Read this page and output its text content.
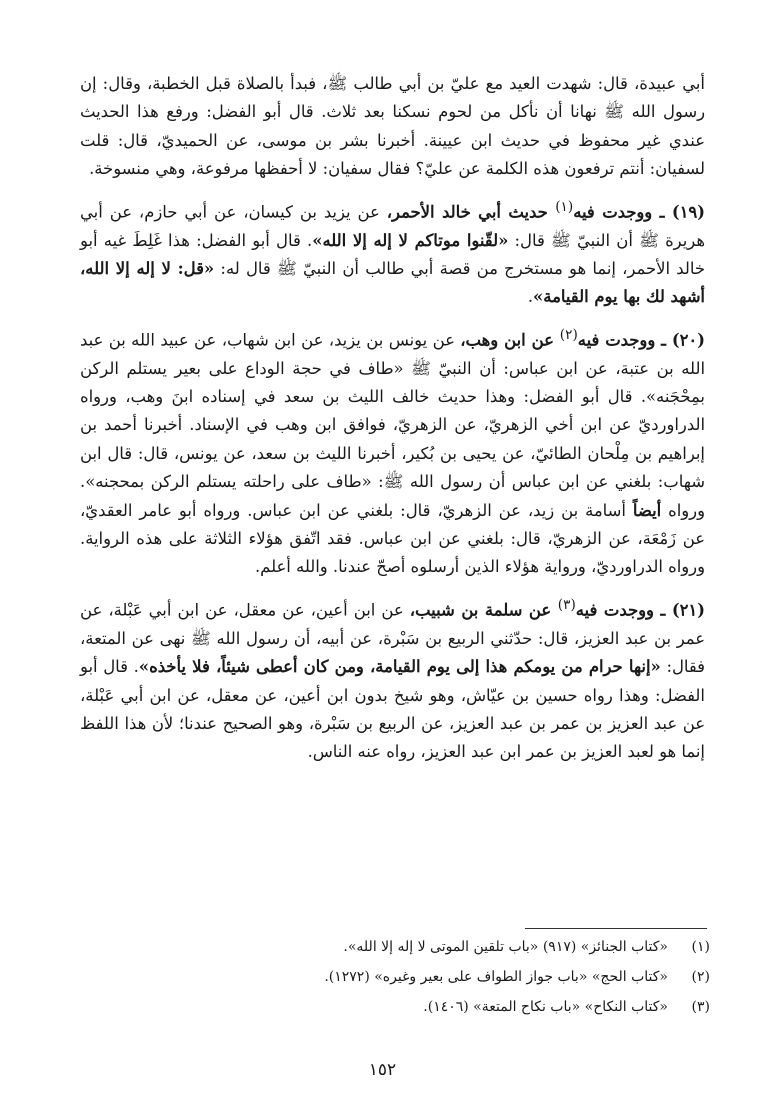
أبي عبيدة، قال: شهدت العيد مع عليّ بن أبي طالب ﷺ، فبدأ بالصلاة قبل الخطبة، وقال: إن رسول الله ﷺ نهانا أن نأكل من لحوم نسكنا بعد ثلاث. قال أبو الفضل: ورفع هذا الحديث عندي غير محفوظ في حديث ابن عيينة. أخبرنا بشر بن موسى، عن الحميديّ، قال: قلت لسفيان: أنتم ترفعون هذه الكلمة عن عليّ؟ فقال سفيان: لا أحفظها مرفوعة، وهي منسوخة.

(١٩) ـ ووجدت فيه$^{(١)}$ حديث أبي خالد الأحمر، عن يزيد بن كيسان، عن أبي حازم، عن أبي هريرة ﷺ أن النبيّ ﷺ قال: «لقّنوا موتاكم لا إله إلا الله». قال أبو الفضل: هذا غَلِطَ غيه أبو خالد الأحمر، إنما هو مستخرج من قصة أبي طالب أن النبيّ ﷺ قال له: «قل: لا إله إلا الله، أشهد لك بها يوم القيامة».

(٢٠) ـ ووجدت فيه$^{(٢)}$ عن ابن وهب، عن يونس بن يزيد، عن ابن شهاب، عن عبيد الله بن عبد الله بن عتبة، عن ابن عباس: أن النبيّ ﷺ «طاف في حجة الوداع على بعير يستلم الركن بمِحْجَنه». قال أبو الفضل: وهذا حديث خالف الليث بن سعد في إسناده ابنَ وهب، ورواه الدراورديّ عن ابن أخي الزهريّ، عن الزهريّ، فوافق ابن وهب في الإسناد. أخبرنا أحمد بن إبراهيم بن مِلْحان الطائيّ، عن يحيى بن بُكير، أخبرنا الليث بن سعد، عن يونس، قال: قال ابن شهاب: بلغني عن ابن عباس أن رسول الله ﷺ: «طاف على راحلته يستلم الركن بمحجنه». ورواه أيضاً أسامة بن زيد، عن الزهريّ، قال: بلغني عن ابن عباس. ورواه أبو عامر العقديّ، عن زَمْعَة، عن الزهريّ، قال: بلغني عن ابن عباس. فقد اتّفق هؤلاء الثلاثة على هذه الرواية. ورواه الدراورديّ، ورواية هؤلاء الذين أرسلوه أصحّ عندنا. والله أعلم.

(٢١) ـ ووجدت فيه$^{(٣)}$ عن سلمة بن شبيب، عن ابن أعين، عن معقل، عن ابن أبي عَبْلة، عن عمر بن عبد العزيز، قال: حدّثني الربيع بن سَبْرة، عن أبيه، أن رسول الله ﷺ نهى عن المتعة، فقال: «إنها حرام من يومكم هذا إلى يوم القيامة، ومن كان أعطى شيئاً، فلا يأخذه». قال أبو الفضل: وهذا رواه حسين بن عيّاش، وهو شيخ بدون ابن أعين، عن معقل، عن ابن أبي عَبْلة، عن عبد العزيز بن عمر بن عبد العزيز، عن الربيع بن سَبْرة، وهو الصحيح عندنا؛ لأن هذا اللفظ إنما هو لعبد العزيز بن عمر ابن عبد العزيز، رواه عنه الناس.

(١)
«كتاب الجنائز» (٩١٧) «باب تلقين الموتى لا إله إلا الله».
(٢)
«كتاب الحج» «باب جواز الطواف على بعير وغيره» (١٢٧٢).
(٣)
«كتاب النكاح» «باب نكاح المتعة» (١٤٠٦).
١٥٢
